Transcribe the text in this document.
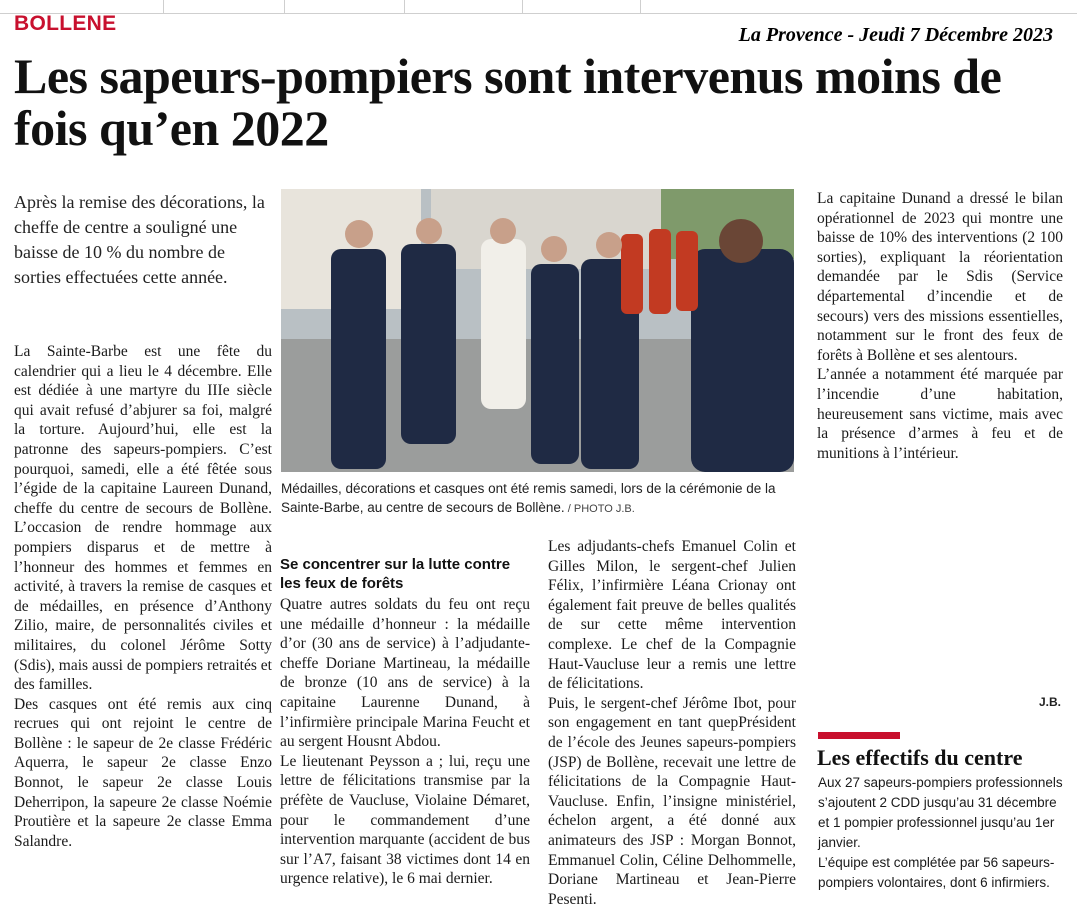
BOLLENE	La Provence - Jeudi 7 Décembre 2023
Les sapeurs-pompiers sont intervenus moins de fois qu’en 2022
Après la remise des décorations, la cheffe de centre a souligné une baisse de 10 % du nombre de sorties effectuées cette année.

La Sainte-Barbe est une fête du calendrier qui a lieu le 4 décembre. Elle est dédiée à une martyre du IIIe siècle qui avait refusé d’abjurer sa foi, malgré la torture. Aujourd’hui, elle est la patronne des sapeurs-pompiers. C’est pourquoi, samedi, elle a été fêtée sous l’égide de la capitaine Laureen Dunand, cheffe du centre de secours de Bollène. L’occasion de rendre hommage aux pompiers disparus et de mettre à l’honneur des hommes et femmes en activité, à travers la remise de casques et de médailles, en présence d’Anthony Zilio, maire, de personnalités civiles et militaires, du colonel Jérôme Sotty (Sdis), mais aussi de pompiers retraités et des familles.

Des casques ont été remis aux cinq recrues qui ont rejoint le centre de Bollène : le sapeur de 2e classe Frédéric Aquerra, le sapeur 2e classe Enzo Bonnot, le sapeur 2e classe Louis Deherripon, la sapeure 2e classe Noémie Proutière et la sapeure 2e classe Emma Salandre.

Se concentrer sur la lutte contre les feux de forêts

Quatre autres soldats du feu ont reçu une médaille d’honneur : la médaille d’or (30 ans de service) à l’adjudante-cheffe Doriane Martineau, la médaille de bronze (10 ans de service) à la capitaine Laurenne Dunand, à l’infirmière principale Marina Feucht et au sergent Housnt Abdou.

Le lieutenant Peysson a ; lui, reçu une lettre de félicitations transmise par la préfète de Vaucluse, Violaine Démaret, pour le commandement d’une intervention marquante (accident de bus sur l’A7, faisant 38 victimes dont 14 en urgence relative), le 6 mai dernier.

Les adjudants-chefs Emanuel Colin et Gilles Milon, le sergent-chef Julien Félix, l’infirmière Léana Crionay ont également fait preuve de belles qualités de sur cette même intervention complexe. Le chef de la Compagnie Haut-Vaucluse leur a remis une lettre de félicitations.

Puis, le sergent-chef Jérôme Ibot, pour son engagement en tant quepPrésident de l’école des Jeunes sapeurs-pompiers (JSP) de Bollène, recevait une lettre de félicitations de la Compagnie Haut-Vaucluse. Enfin, l’insigne ministériel, échelon argent, a été donné aux animateurs des JSP : Morgan Bonnot, Emmanuel Colin, Céline Delhommelle, Doriane Martineau et Jean-Pierre Pesenti.

La capitaine Dunand a dressé le bilan opérationnel de 2023 qui montre une baisse de 10% des interventions (2 100 sorties), expliquant la réorientation demandée par le Sdis (Service départemental d’incendie et de secours) vers des missions essentielles, notamment sur le front des feux de forêts à Bollène et ses alentours.

L’année a notamment été marquée par l’incendie d’une habitation, heureusement sans victime, mais avec la présence d’armes à feu et de munitions à l’intérieur.

Médailles, décorations et casques ont été remis samedi, lors de la cérémonie de la Sainte-Barbe, au centre de secours de Bollène. / PHOTO J.B.
J.B.
Les effectifs du centre

Aux 27 sapeurs-pompiers professionnels s’ajoutent 2 CDD jusqu’au 31 décembre et 1 pompier professionnel jusqu’au 1er janvier.

L’équipe est complétée par 56 sapeurs-pompiers volontaires, dont 6 infirmiers.
